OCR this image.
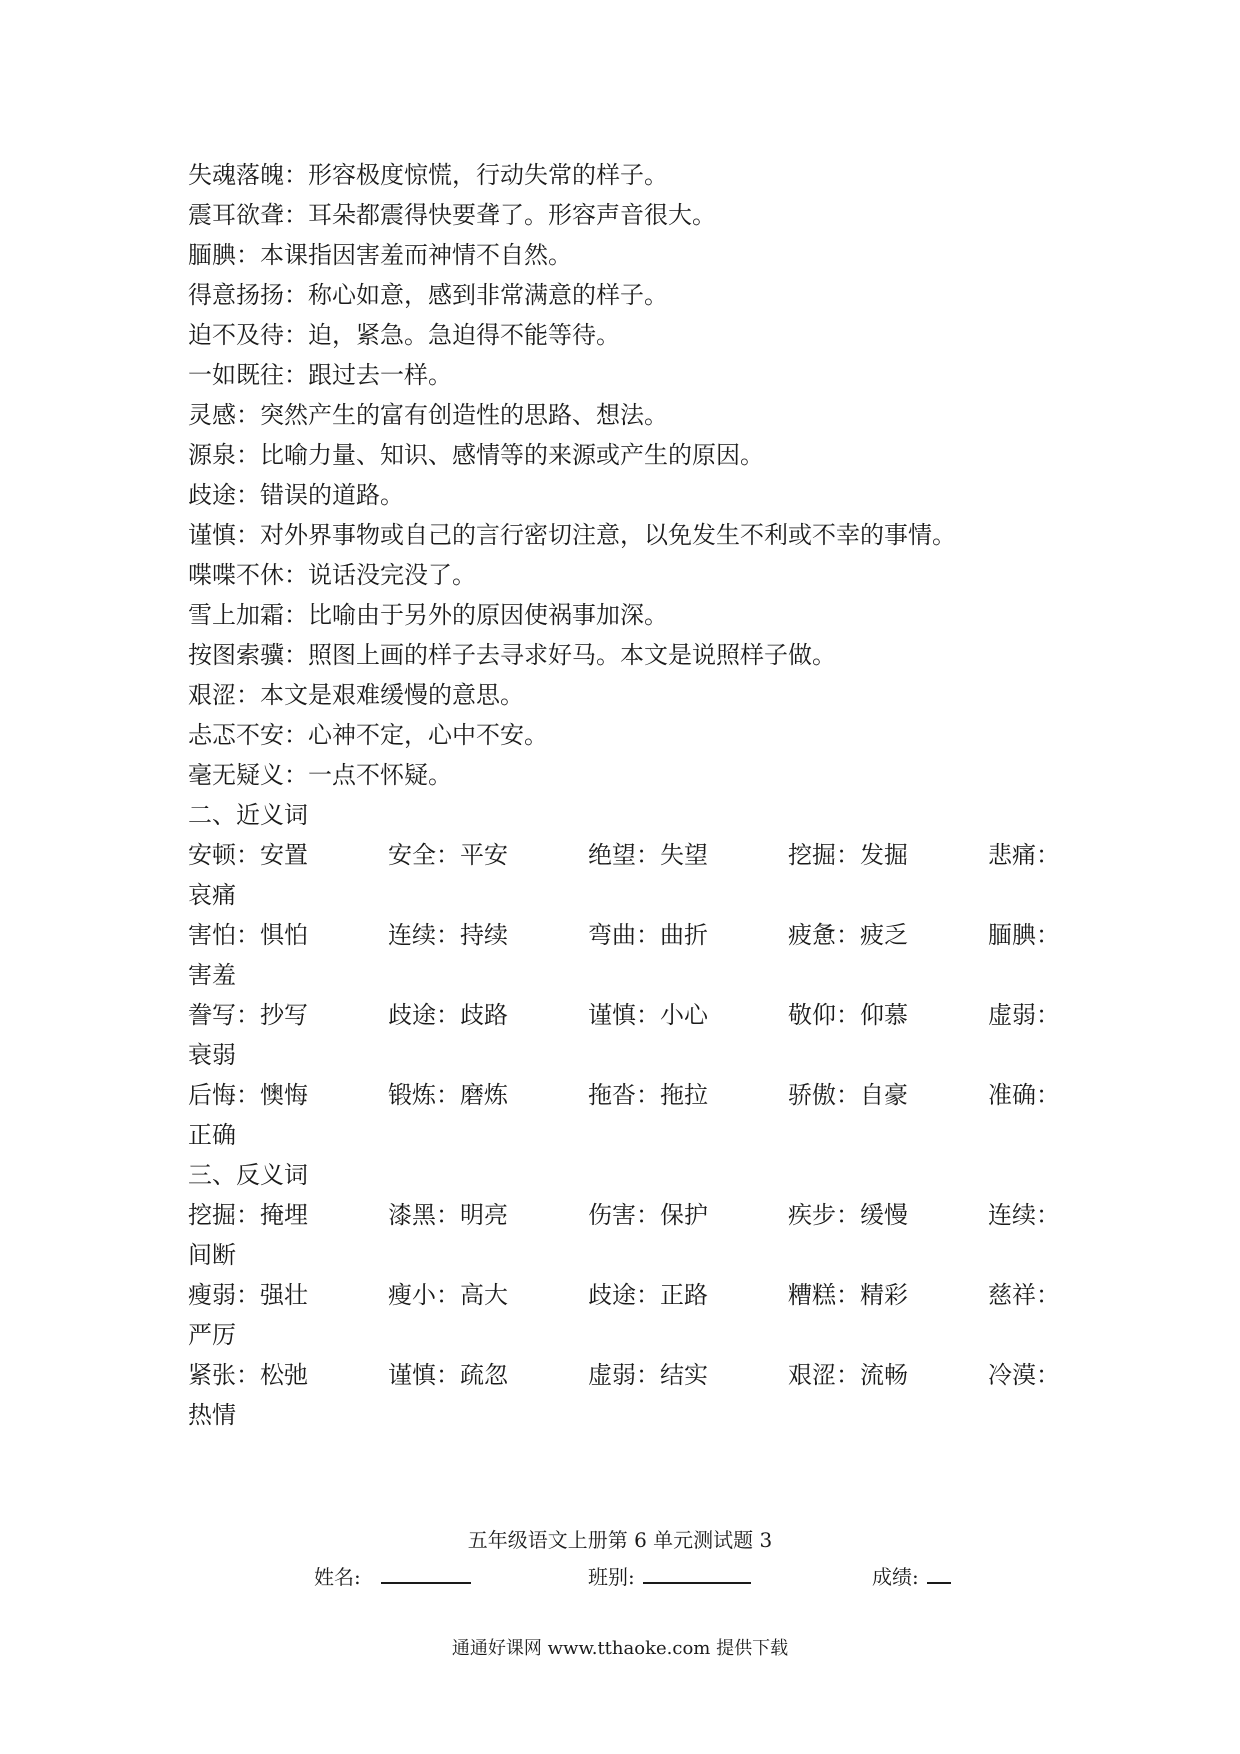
失魂落魄：形容极度惊慌，行动失常的样子。
震耳欲聋：耳朵都震得快要聋了。形容声音很大。
腼腆：本课指因害羞而神情不自然。
得意扬扬：称心如意，感到非常满意的样子。
迫不及待：迫，紧急。急迫得不能等待。
一如既往：跟过去一样。
灵感：突然产生的富有创造性的思路、想法。
源泉：比喻力量、知识、感情等的来源或产生的原因。
歧途：错误的道路。
谨慎：对外界事物或自己的言行密切注意，以免发生不利或不幸的事情。
喋喋不休：说话没完没了。
雪上加霜：比喻由于另外的原因使祸事加深。
按图索骥：照图上画的样子去寻求好马。本文是说照样子做。
艰涩：本文是艰难缓慢的意思。
忐忑不安：心神不定，心中不安。
毫无疑义：一点不怀疑。
二、近义词
安顿：安置	安全：平安	绝望：失望	挖掘：发掘	悲痛：
哀痛
害怕：惧怕	连续：持续	弯曲：曲折	疲惫：疲乏	腼腆：
害羞
誊写：抄写	歧途：歧路	谨慎：小心	敬仰：仰慕	虚弱：
衰弱
后悔：懊悔	锻炼：磨炼	拖沓：拖拉	骄傲：自豪	准确：
正确
三、反义词
挖掘：掩埋	漆黑：明亮	伤害：保护	疾步：缓慢	连续：
间断
瘦弱：强壮	瘦小：高大	歧途：正路	糟糕：精彩	慈祥：
严厉
紧张：松弛	谨慎：疏忽	虚弱：结实	艰涩：流畅	冷漠：
热情
五年级语文上册第 6 单元测试题 3
姓名:	班别:	成绩:
通通好课网 www.tthaoke.com 提供下载
